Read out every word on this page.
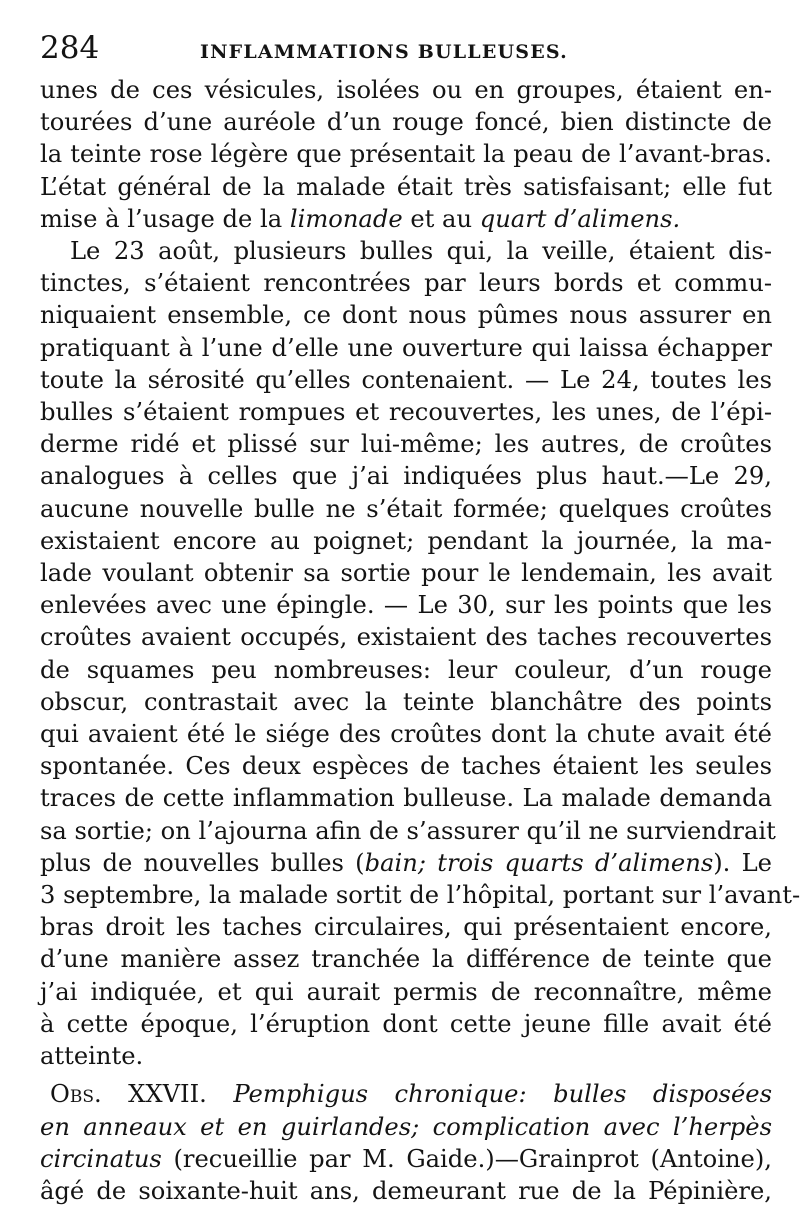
284	INFLAMMATIONS BULLEUSES.
unes de ces vésicules, isolées ou en groupes, étaient en-
tourées d’une auréole d’un rouge foncé, bien distincte de
la teinte rose légère que présentait la peau de l’avant-bras.
L’état général de la malade était très satisfaisant; elle fut
mise à l’usage de la limonade et au quart d’alimens.
Le 23 août, plusieurs bulles qui, la veille, étaient dis-
tinctes, s’étaient rencontrées par leurs bords et commu-
niquaient ensemble, ce dont nous pûmes nous assurer en
pratiquant à l’une d’elle une ouverture qui laissa échapper
toute la sérosité qu’elles contenaient. — Le 24, toutes les
bulles s’étaient rompues et recouvertes, les unes, de l’épi-
derme ridé et plissé sur lui-même; les autres, de croûtes
analogues à celles que j’ai indiquées plus haut.—Le 29,
aucune nouvelle bulle ne s’était formée; quelques croûtes
existaient encore au poignet; pendant la journée, la ma-
lade voulant obtenir sa sortie pour le lendemain, les avait
enlevées avec une épingle. — Le 30, sur les points que les
croûtes avaient occupés, existaient des taches recouvertes
de squames peu nombreuses: leur couleur, d’un rouge
obscur, contrastait avec la teinte blanchâtre des points
qui avaient été le siége des croûtes dont la chute avait été
spontanée. Ces deux espèces de taches étaient les seules
traces de cette inflammation bulleuse. La malade demanda
sa sortie; on l’ajourna afin de s’assurer qu’il ne surviendrait
plus de nouvelles bulles (bain; trois quarts d’alimens). Le
3 septembre, la malade sortit de l’hôpital, portant sur l’avant-
bras droit les taches circulaires, qui présentaient encore,
d’une manière assez tranchée la différence de teinte que
j’ai indiquée, et qui aurait permis de reconnaître, même
à cette époque, l’éruption dont cette jeune fille avait été
atteinte.
Obs. XXVII. Pemphigus chronique: bulles disposées
en anneaux et en guirlandes; complication avec l’herpès
circinatus (recueillie par M. Gaide.)—Grainprot (Antoine),
âgé de soixante-huit ans, demeurant rue de la Pépinière,
